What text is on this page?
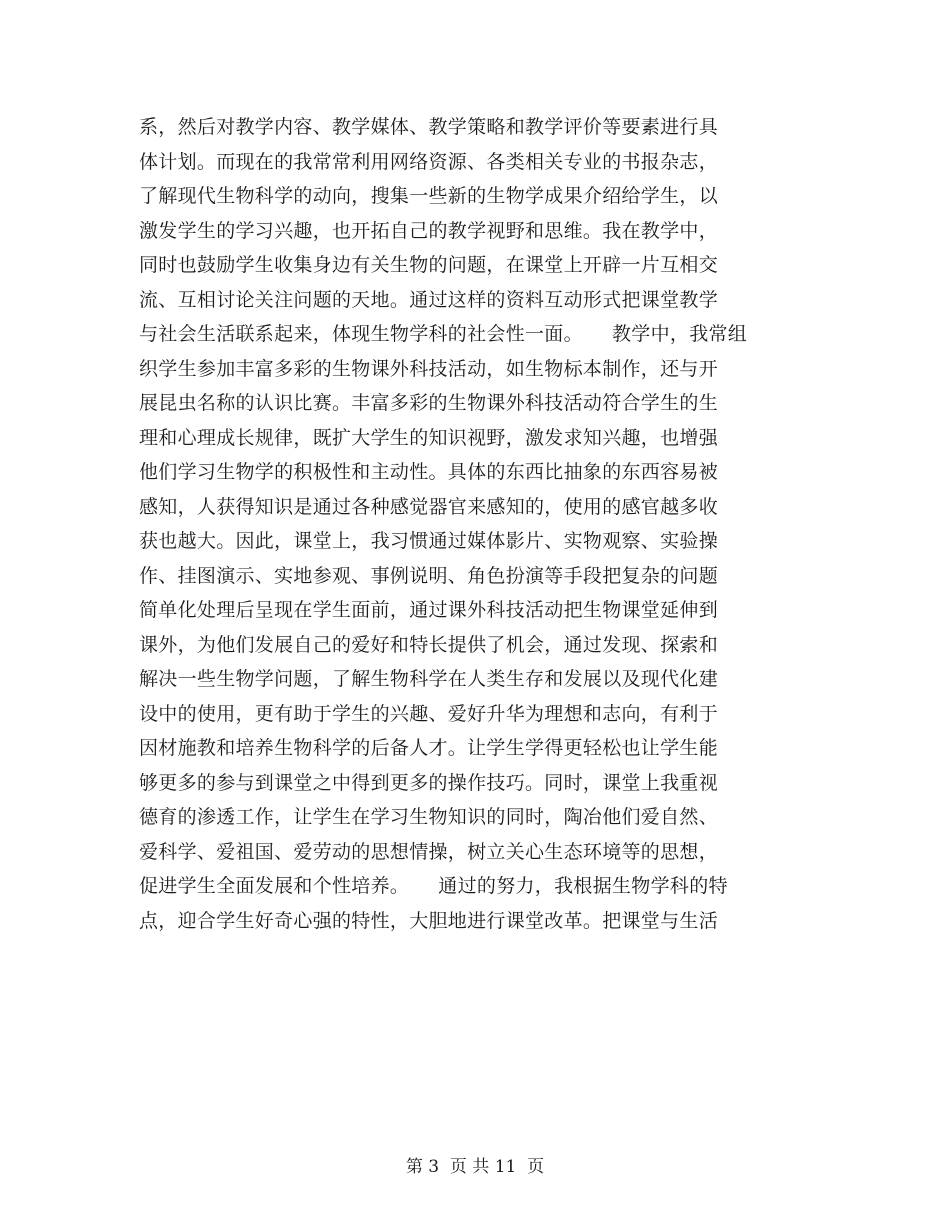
系，然后对教学内容、教学媒体、教学策略和教学评价等要素进行具
体计划。而现在的我常常利用网络资源、各类相关专业的书报杂志，
了解现代生物科学的动向，搜集一些新的生物学成果介绍给学生，以
激发学生的学习兴趣，也开拓自己的教学视野和思维。我在教学中，
同时也鼓励学生收集身边有关生物的问题，在课堂上开辟一片互相交
流、互相讨论关注问题的天地。通过这样的资料互动形式把课堂教学
与社会生活联系起来，体现生物学科的社会性一面。　　教学中，我常组
织学生参加丰富多彩的生物课外科技活动，如生物标本制作，还与开
展昆虫名称的认识比赛。丰富多彩的生物课外科技活动符合学生的生
理和心理成长规律，既扩大学生的知识视野，激发求知兴趣，也增强
他们学习生物学的积极性和主动性。具体的东西比抽象的东西容易被
感知，人获得知识是通过各种感觉器官来感知的，使用的感官越多收
获也越大。因此，课堂上，我习惯通过媒体影片、实物观察、实验操
作、挂图演示、实地参观、事例说明、角色扮演等手段把复杂的问题
简单化处理后呈现在学生面前，通过课外科技活动把生物课堂延伸到
课外，为他们发展自己的爱好和特长提供了机会，通过发现、探索和
解决一些生物学问题，了解生物科学在人类生存和发展以及现代化建
设中的使用，更有助于学生的兴趣、爱好升华为理想和志向，有利于
因材施教和培养生物科学的后备人才。让学生学得更轻松也让学生能
够更多的参与到课堂之中得到更多的操作技巧。同时，课堂上我重视
德育的渗透工作，让学生在学习生物知识的同时，陶冶他们爱自然、
爱科学、爱祖国、爱劳动的思想情操，树立关心生态环境等的思想，
促进学生全面发展和个性培养。　　通过的努力，我根据生物学科的特
点，迎合学生好奇心强的特性，大胆地进行课堂改革。把课堂与生活
第 3  页 共 11  页
